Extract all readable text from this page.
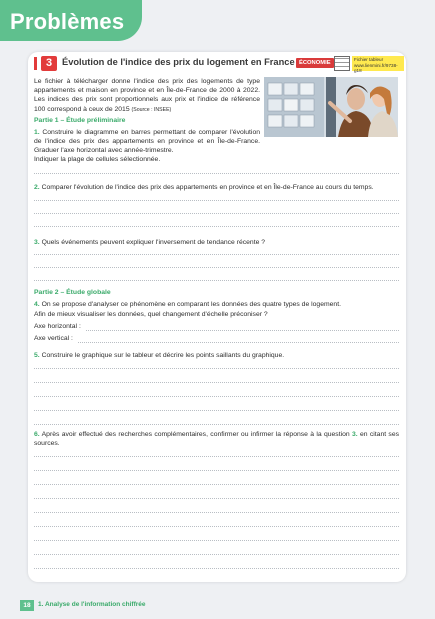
Problèmes
3	Évolution de l'indice des prix du logement en France ÉCONOMIE
Fichier tableur
www.lienmini.fr/9738-g18
Le fichier à télécharger donne l'indice des prix des logements de type appartements et maison en province et en Île-de-France de 2000 à 2022. Les indices des prix sont proportionnels aux prix et l'indice de référence 100 correspond à ceux de 2015 (Source : INSEE)
Partie 1 – Étude préliminaire
1. Construire le diagramme en barres permettant de comparer l'évolution de l'indice des prix des appartements en province et en Île-de-France. Graduer l'axe horizontal avec année-trimestre.
Indiquer la plage de cellules sélectionnée.
2. Comparer l'évolution de l'indice des prix des appartements en province et en Île-de-France au cours du temps.
3. Quels événements peuvent expliquer l'inversement de tendance récente ?
Partie 2 – Étude globale
4. On se propose d'analyser ce phénomène en comparant les données des quatre types de logement.
Afin de mieux visualiser les données, quel changement d'échelle préconiser ?
Axe horizontal :
Axe vertical :
5. Construire le graphique sur le tableur et décrire les points saillants du graphique.
6. Après avoir effectué des recherches complémentaires, confirmer ou infirmer la réponse à la question 3. en citant ses sources.
18	1. Analyse de l'information chiffrée
